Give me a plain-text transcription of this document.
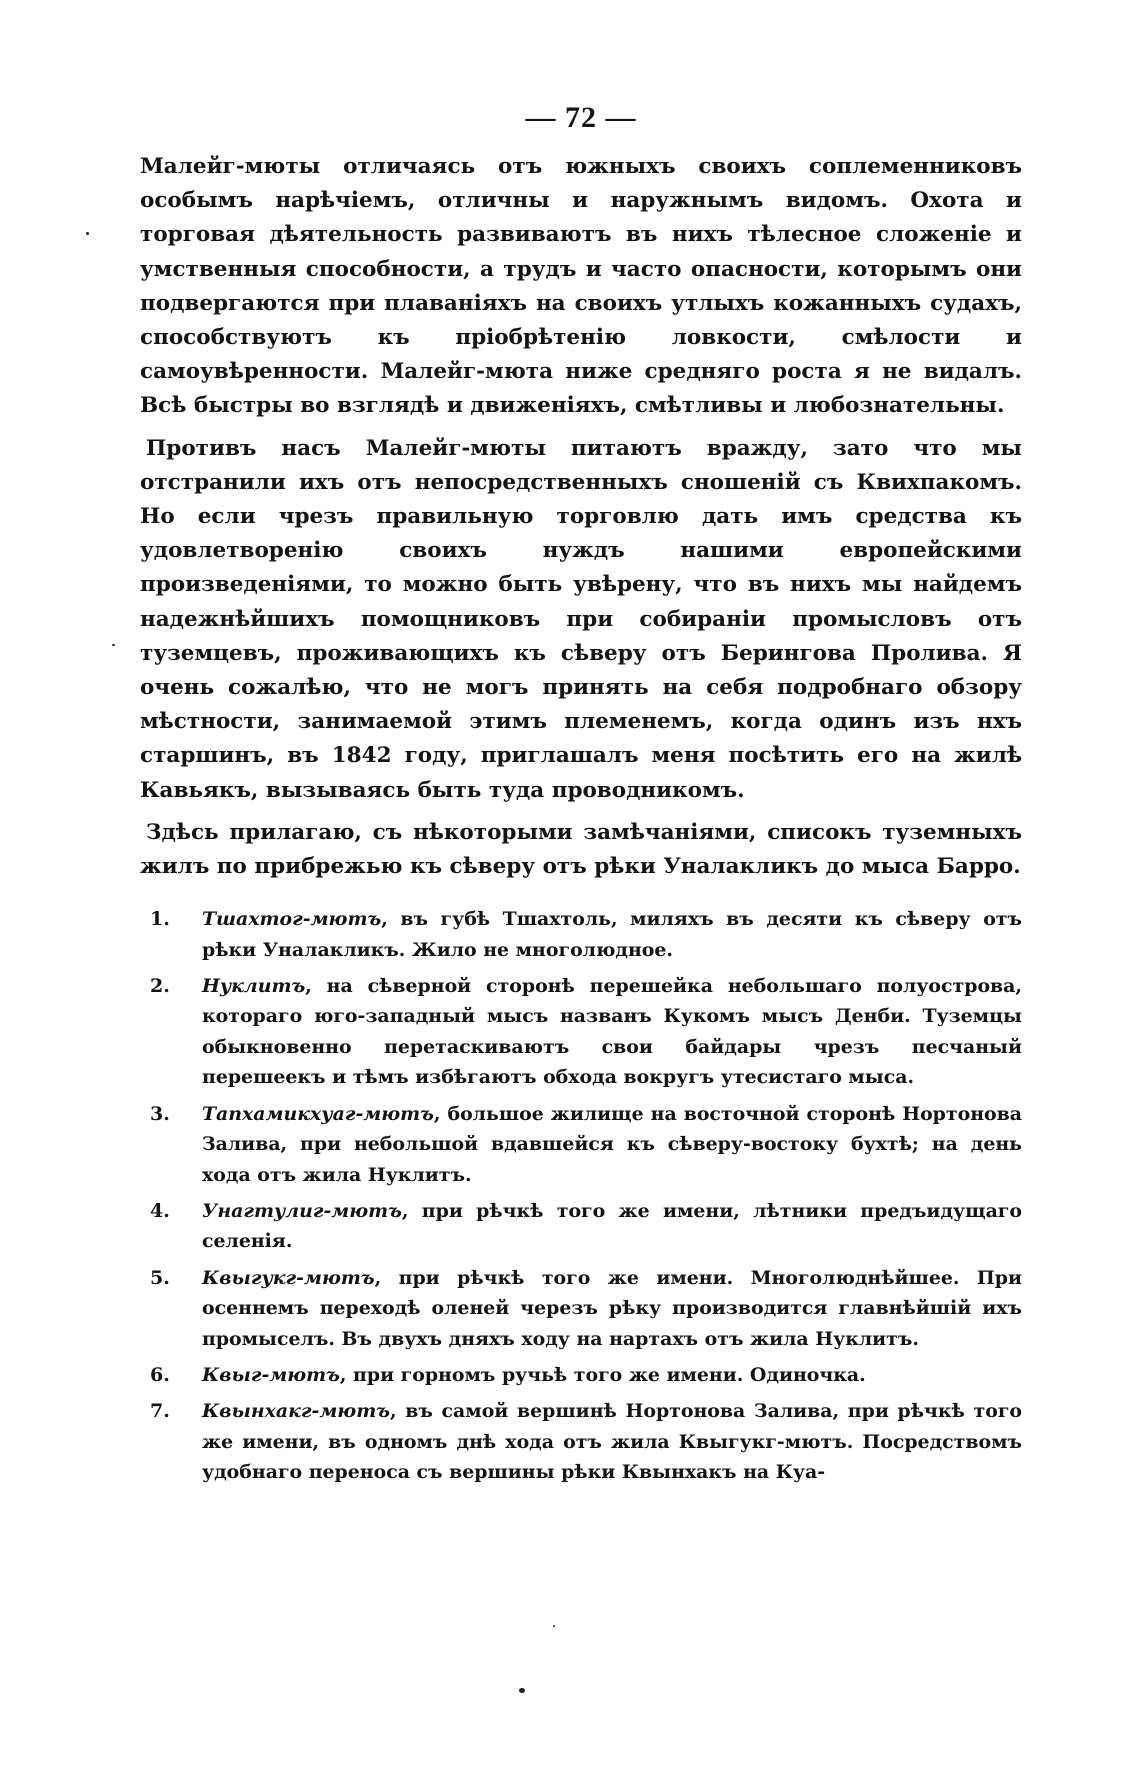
— 72 —

Малейг-мюты отличаясь отъ южныхъ своихъ соплеменниковъ особымъ нарѣчіемъ, отличны и наружнымъ видомъ. Охота и торговая дѣятельность развиваютъ въ нихъ тѣлесное сложеніе и умственныя способности, а трудъ и часто опасности, которымъ они подвергаются при плаваніяхъ на своихъ утлыхъ кожанныхъ судахъ, способствуютъ къ пріобрѣтенію ловкости, смѣлости и самоувѣренности. Малейг-мюта ниже средняго роста я не видалъ. Всѣ быстры во взглядѣ и движеніяхъ, смѣтливы и любознательны.

Противъ насъ Малейг-мюты питаютъ вражду, зато что мы отстранили ихъ отъ непосредственныхъ сношеній съ Квихпакомъ. Но если чрезъ правильную торговлю дать имъ средства къ удовлетворенію своихъ нуждъ нашими европейскими произведеніями, то можно быть увѣрену, что въ нихъ мы найдемъ надежнѣйшихъ помощниковъ при собираніи промысловъ отъ туземцевъ, проживающихъ къ сѣверу отъ Берингова Пролива. Я очень сожалѣю, что не могъ принять на себя подробнаго обзору мѣстности, занимаемой этимъ племенемъ, когда одинъ изъ нхъ старшинъ, въ 1842 году, приглашалъ меня посѣтить его на жилѣ Кавьякъ, вызываясь быть туда проводникомъ.

Здѣсь прилагаю, съ нѣкоторыми замѣчаніями, списокъ туземныхъ жилъ по прибрежью къ сѣверу отъ рѣки Уналакликъ до мыса Барро.

1.	Тшахтог-мютъ, въ губѣ Тшахтоль, миляхъ въ десяти къ сѣверу отъ рѣки Уналакликъ. Жило не многолюдное.
2.	Нуклитъ, на сѣверной сторонѣ перешейка небольшаго полуострова, котораго юго-западный мысъ названъ Кукомъ мысъ Денби. Туземцы обыкновенно перетаскиваютъ свои байдары чрезъ песчаный перешеекъ и тѣмъ избѣгаютъ обхода вокругъ утесистаго мыса.
3.	Тапхамикхуаг-мютъ, большое жилище на восточной сторонѣ Нортонова Залива, при небольшой вдавшейся къ сѣверу-востоку бухтѣ; на день хода отъ жила Нуклитъ.
4.	Унагтулиг-мютъ, при рѣчкѣ того же имени, лѣтники предъидущаго селенія.
5.	Квыгукг-мютъ, при рѣчкѣ того же имени. Многолюднѣйшее. При осеннемъ переходѣ оленей черезъ рѣку производится главнѣйшій ихъ промыселъ. Въ двухъ дняхъ ходу на нартахъ отъ жила Нуклитъ.
6.	Квыг-мютъ, при горномъ ручьѣ того же имени. Одиночка.
7.	Квынхакг-мютъ, въ самой вершинѣ Нортонова Залива, при рѣчкѣ того же имени, въ одномъ днѣ хода отъ жила Квыгукг-мютъ. Посредствомъ удобнаго переноса съ вершины рѣки Квынхакъ на Куа-
